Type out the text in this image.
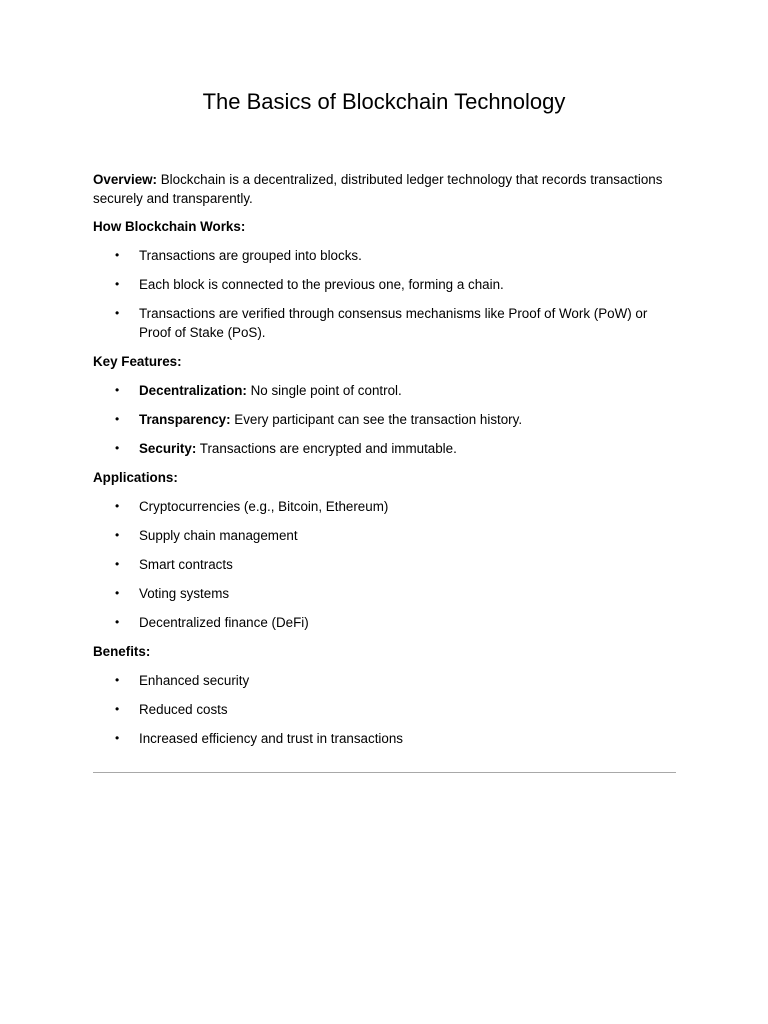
The Basics of Blockchain Technology

Overview: Blockchain is a decentralized, distributed ledger technology that records transactions securely and transparently.

How Blockchain Works:

• Transactions are grouped into blocks.
• Each block is connected to the previous one, forming a chain.
• Transactions are verified through consensus mechanisms like Proof of Work (PoW) or Proof of Stake (PoS).

Key Features:

• Decentralization: No single point of control.
• Transparency: Every participant can see the transaction history.
• Security: Transactions are encrypted and immutable.

Applications:

• Cryptocurrencies (e.g., Bitcoin, Ethereum)
• Supply chain management
• Smart contracts
• Voting systems
• Decentralized finance (DeFi)

Benefits:

• Enhanced security
• Reduced costs
• Increased efficiency and trust in transactions
